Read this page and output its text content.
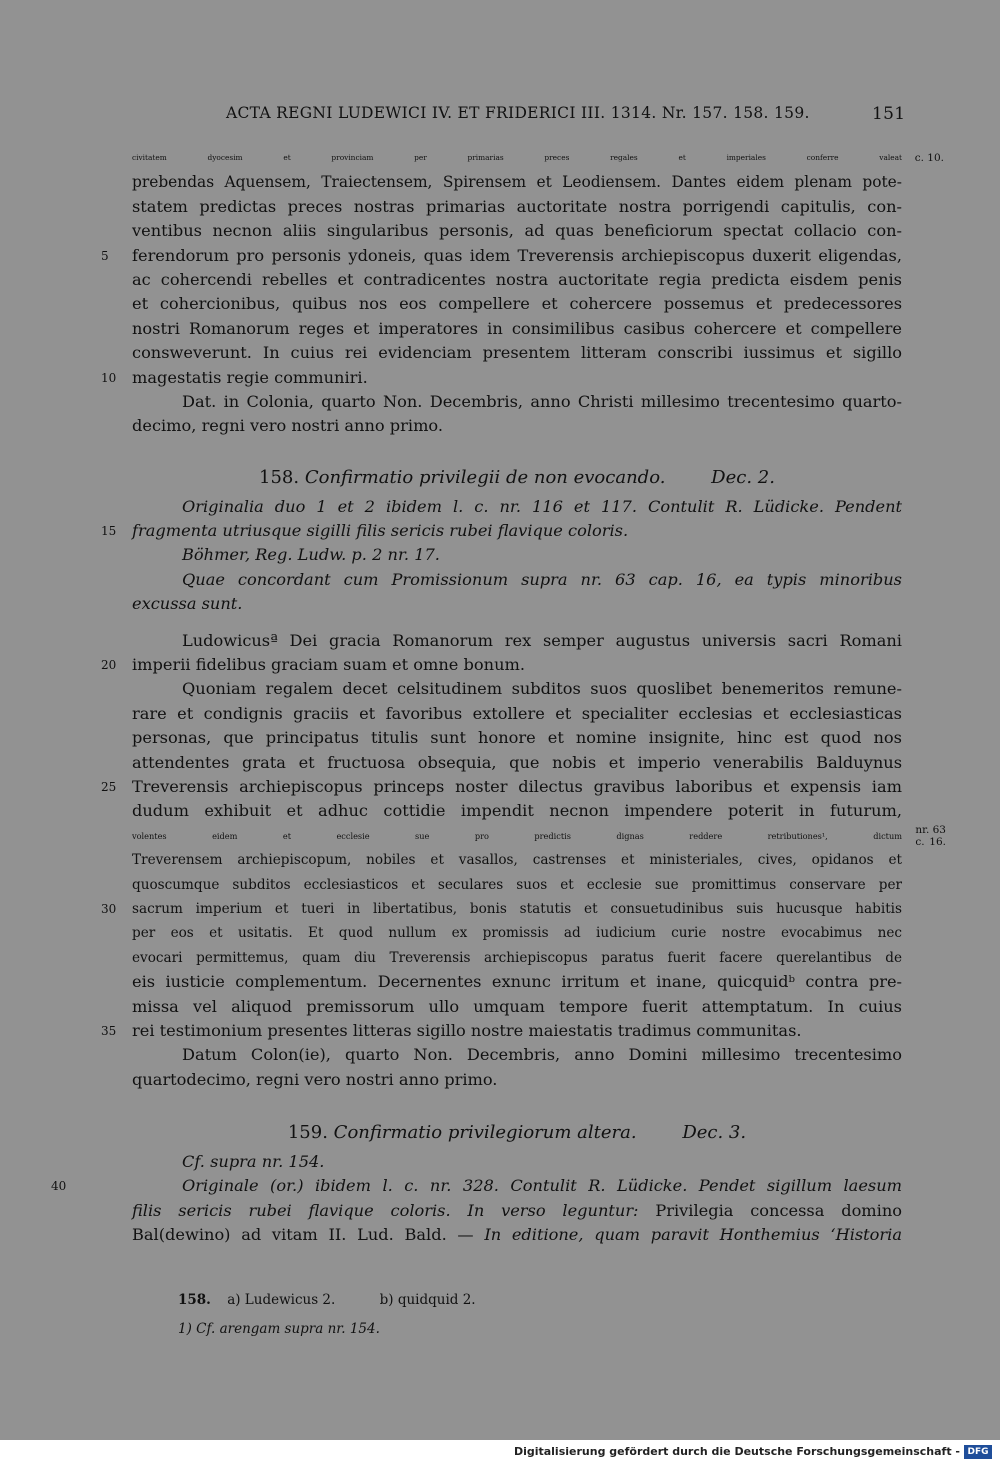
ACTA REGNI LUDEWICI IV. ET FRIDERICI III. 1314. Nr. 157. 158. 159.	151
civitatem dyocesim et provinciam per primarias preces regales et imperiales conferre valeat c. 10.
prebendas Aquensem, Traiectensem, Spirensem et Leodiensem. Dantes eidem plenam pote-
statem predictas preces nostras primarias auctoritate nostra porrigendi capitulis, con-
ventibus necnon aliis singularibus personis, ad quas beneficiorum spectat collacio con-
5 ferendorum pro personis ydoneis, quas idem Treverensis archiepiscopus duxerit eligendas,
ac cohercendi rebelles et contradicentes nostra auctoritate regia predicta eisdem penis
et cohercionibus, quibus nos eos compellere et cohercere possemus et predecessores
nostri Romanorum reges et imperatores in consimilibus casibus cohercere et compellere
consweverunt. In cuius rei evidenciam presentem litteram conscribi iussimus et sigillo
10 magestatis regie communiri.
Dat. in Colonia, quarto Non. Decembris, anno Christi millesimo trecentesimo quarto-
decimo, regni vero nostri anno primo.
158. Confirmatio privilegii de non evocando.	Dec. 2.
Originalia duo 1 et 2 ibidem l. c. nr. 116 et 117. Contulit R. Lüdicke. Pendent
15 fragmenta utriusque sigilli filis sericis rubei flavique coloris.
Böhmer, Reg. Ludw. p. 2 nr. 17.
Quae concordant cum Promissionum supra nr. 63 cap. 16, ea typis minoribus
excussa sunt.
Ludowicusª Dei gracia Romanorum rex semper augustus universis sacri Romani
20 imperii fidelibus graciam suam et omne bonum.
Quoniam regalem decet celsitudinem subditos suos quoslibet benemeritos remune-
rare et condignis graciis et favoribus extollere et specialiter ecclesias et ecclesiasticas
personas, que principatus titulis sunt honore et nomine insignite, hinc est quod nos
attendentes grata et fructuosa obsequia, que nobis et imperio venerabilis Balduynus
25 Treverensis archiepiscopus princeps noster dilectus gravibus laboribus et expensis iam
dudum exhibuit et adhuc cottidie impendit necnon impendere poterit in futurum,
volentes eidem et ecclesie sue pro predictis dignas reddere retributiones¹, dictum nr. 63
c. 16.
Treverensem archiepiscopum, nobiles et vasallos, castrenses et ministeriales, cives, opidanos et
quoscumque subditos ecclesiasticos et seculares suos et ecclesie sue promittimus conservare per
30 sacrum imperium et tueri in libertatibus, bonis statutis et consuetudinibus suis hucusque habitis
per eos et usitatis. Et quod nullum ex promissis ad iudicium curie nostre evocabimus nec
evocari permittemus, quam diu Treverensis archiepiscopus paratus fuerit facere querelantibus de
eis iusticie complementum. Decernentes exnunc irritum et inane, quicquidᵇ contra pre-
missa vel aliquod premissorum ullo umquam tempore fuerit attemptatum. In cuius
35 rei testimonium presentes litteras sigillo nostre maiestatis tradimus communitas.
Datum Colon(ie), quarto Non. Decembris, anno Domini millesimo trecentesimo
quartodecimo, regni vero nostri anno primo.
159. Confirmatio privilegiorum altera.	Dec. 3.
Cf. supra nr. 154.
40	Originale (or.) ibidem l. c. nr. 328. Contulit R. Lüdicke. Pendet sigillum laesum
filis sericis rubei flavique coloris. In verso leguntur: Privilegia concessa domino
Bal(dewino) ad vitam II. Lud. Bald. — In editione, quam paravit Honthemius ‘Historia
158. a) Ludewicus 2.	b) quidquid 2.
1) Cf. arengam supra nr. 154.
Digitalisierung gefördert durch die Deutsche Forschungsgemeinschaft - DFG
